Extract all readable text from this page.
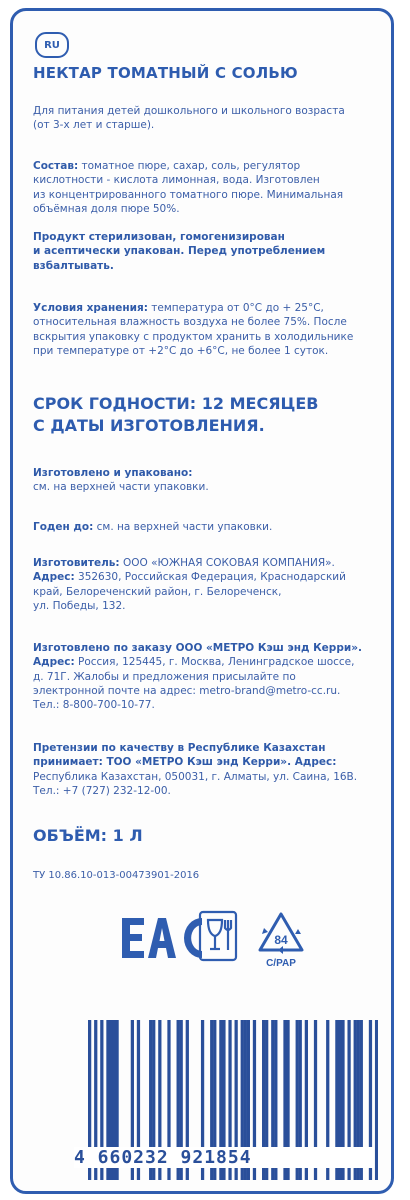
RU
НЕКТАР ТОМАТНЫЙ С СОЛЬЮ
Для питания детей дошкольного и школьного возраста
(от 3-х лет и старше).
Состав: томатное пюре, сахар, соль, регулятор
кислотности - кислота лимонная, вода. Изготовлен
из концентрированного томатного пюре. Минимальная
объёмная доля пюре 50%.
Продукт стерилизован, гомогенизирован
и асептически упакован. Перед употреблением
взбалтывать.
Условия хранения: температура от 0°С до + 25°С,
относительная влажность воздуха не более 75%. После
вскрытия упаковку с продуктом хранить в холодильнике
при температуре от +2°С до +6°С, не более 1 суток.
СРОК ГОДНОСТИ: 12 МЕСЯЦЕВ
С ДАТЫ ИЗГОТОВЛЕНИЯ.
Изготовлено и упаковано:
см. на верхней части упаковки.
Годен до: см. на верхней части упаковки.
Изготовитель: ООО «ЮЖНАЯ СОКОВАЯ КОМПАНИЯ».
Адрес: 352630, Российская Федерация, Краснодарский
край, Белореченский район, г. Белореченск,
ул. Победы, 132.
Изготовлено по заказу ООО «МЕТРО Кэш энд Керри».
Адрес: Россия, 125445, г. Москва, Ленинградское шоссе,
д. 71Г. Жалобы и предложения присылайте по
электронной почте на адрес: metro-brand@metro-cc.ru.
Тел.: 8-800-700-10-77.
Претензии по качеству в Республике Казахстан
принимает: ТОО «МЕТРО Кэш энд Керри». Адрес:
Республика Казахстан, 050031, г. Алматы, ул. Саина, 16В.
Тел.: +7 (727) 232-12-00.
ОБЪЁМ: 1 Л
ТУ 10.86.10-013-00473901-2016
84
C/PAP
4 660232 921854
